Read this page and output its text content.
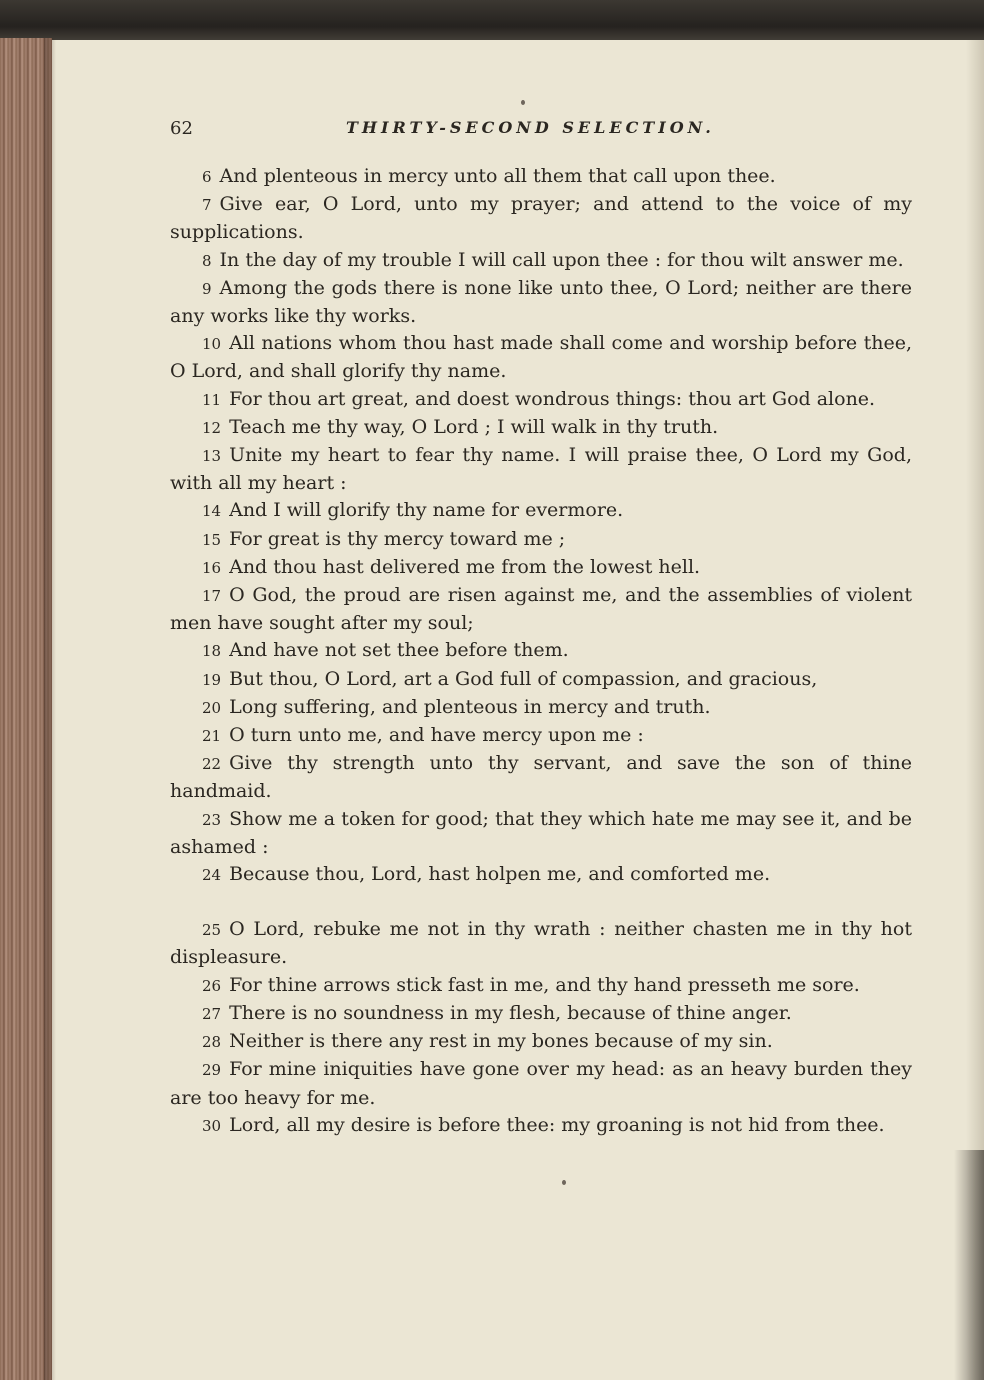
62	THIRTY-SECOND SELECTION.

6 And plenteous in mercy unto all them that call upon thee.

7 Give ear, O Lord, unto my prayer; and attend to the voice of my supplications.

8 In the day of my trouble I will call upon thee : for thou wilt answer me.

9 Among the gods there is none like unto thee, O Lord; neither are there any works like thy works.

10 All nations whom thou hast made shall come and worship before thee, O Lord, and shall glorify thy name.

11 For thou art great, and doest wondrous things: thou art God alone.

12 Teach me thy way, O Lord ; I will walk in thy truth.

13 Unite my heart to fear thy name. I will praise thee, O Lord my God, with all my heart :

14 And I will glorify thy name for evermore.

15 For great is thy mercy toward me ;

16 And thou hast delivered me from the lowest hell.

17 O God, the proud are risen against me, and the assemblies of violent men have sought after my soul;

18 And have not set thee before them.

19 But thou, O Lord, art a God full of compassion, and gracious,

20 Long suffering, and plenteous in mercy and truth.

21 O turn unto me, and have mercy upon me :

22 Give thy strength unto thy servant, and save the son of thine handmaid.

23 Show me a token for good; that they which hate me may see it, and be ashamed :

24 Because thou, Lord, hast holpen me, and comforted me.

25 O Lord, rebuke me not in thy wrath : neither chasten me in thy hot displeasure.

26 For thine arrows stick fast in me, and thy hand presseth me sore.

27 There is no soundness in my flesh, because of thine anger.

28 Neither is there any rest in my bones because of my sin.

29 For mine iniquities have gone over my head: as an heavy burden they are too heavy for me.

30 Lord, all my desire is before thee: my groaning is not hid from thee.
